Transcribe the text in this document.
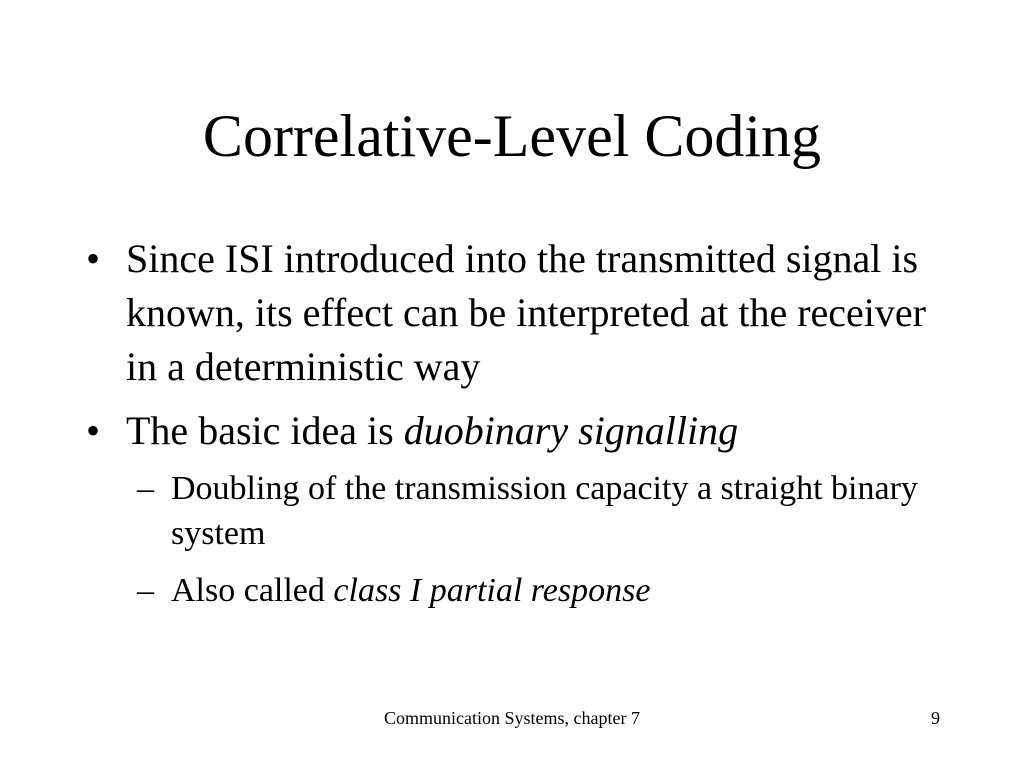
Correlative-Level Coding
• Since ISI introduced into the transmitted signal is known, its effect can be interpreted at the receiver in a deterministic way
• The basic idea is duobinary signalling
– Doubling of the transmission capacity a straight binary system
– Also called class I partial response
Communication Systems, chapter 7	9
